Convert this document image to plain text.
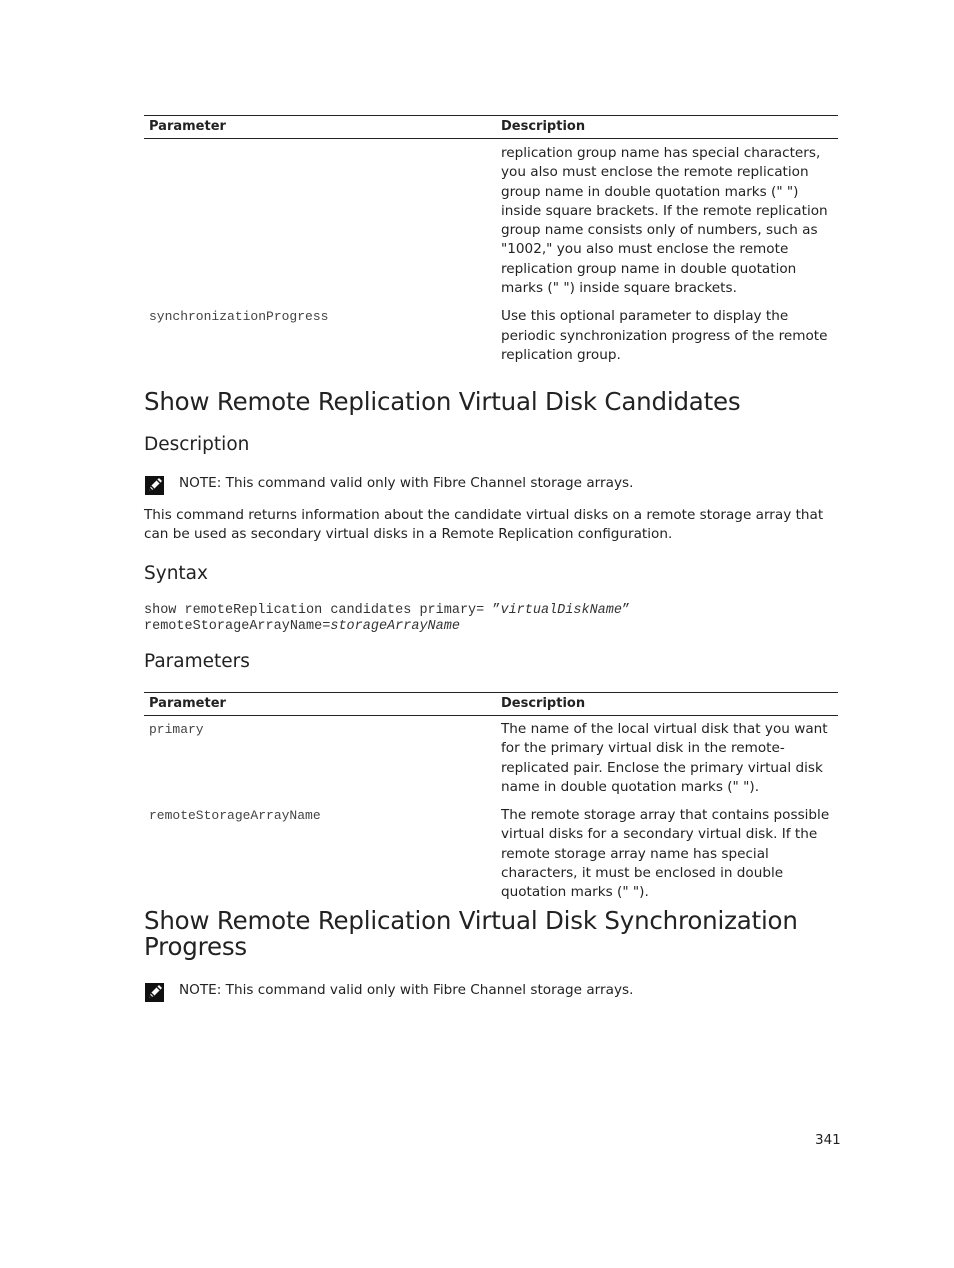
Parameter	Description
	replication group name has special characters, you also must enclose the remote replication group name in double quotation marks (" ") inside square brackets. If the remote replication group name consists only of numbers, such as "1002," you also must enclose the remote replication group name in double quotation marks (" ") inside square brackets.
synchronizationProgress	Use this optional parameter to display the periodic synchronization progress of the remote replication group.
Show Remote Replication Virtual Disk Candidates
Description
NOTE: This command valid only with Fibre Channel storage arrays.

This command returns information about the candidate virtual disks on a remote storage array that can be used as secondary virtual disks in a Remote Replication configuration.

Syntax
show remoteReplication candidates primary= ”virtualDiskName”
remoteStorageArrayName=storageArrayName
Parameters
Parameter	Description
primary	The name of the local virtual disk that you want for the primary virtual disk in the remote-replicated pair. Enclose the primary virtual disk name in double quotation marks (" ").
remoteStorageArrayName	The remote storage array that contains possible virtual disks for a secondary virtual disk. If the remote storage array name has special characters, it must be enclosed in double quotation marks (" ").
Show Remote Replication Virtual Disk Synchronization
Progress
NOTE: This command valid only with Fibre Channel storage arrays.
341
